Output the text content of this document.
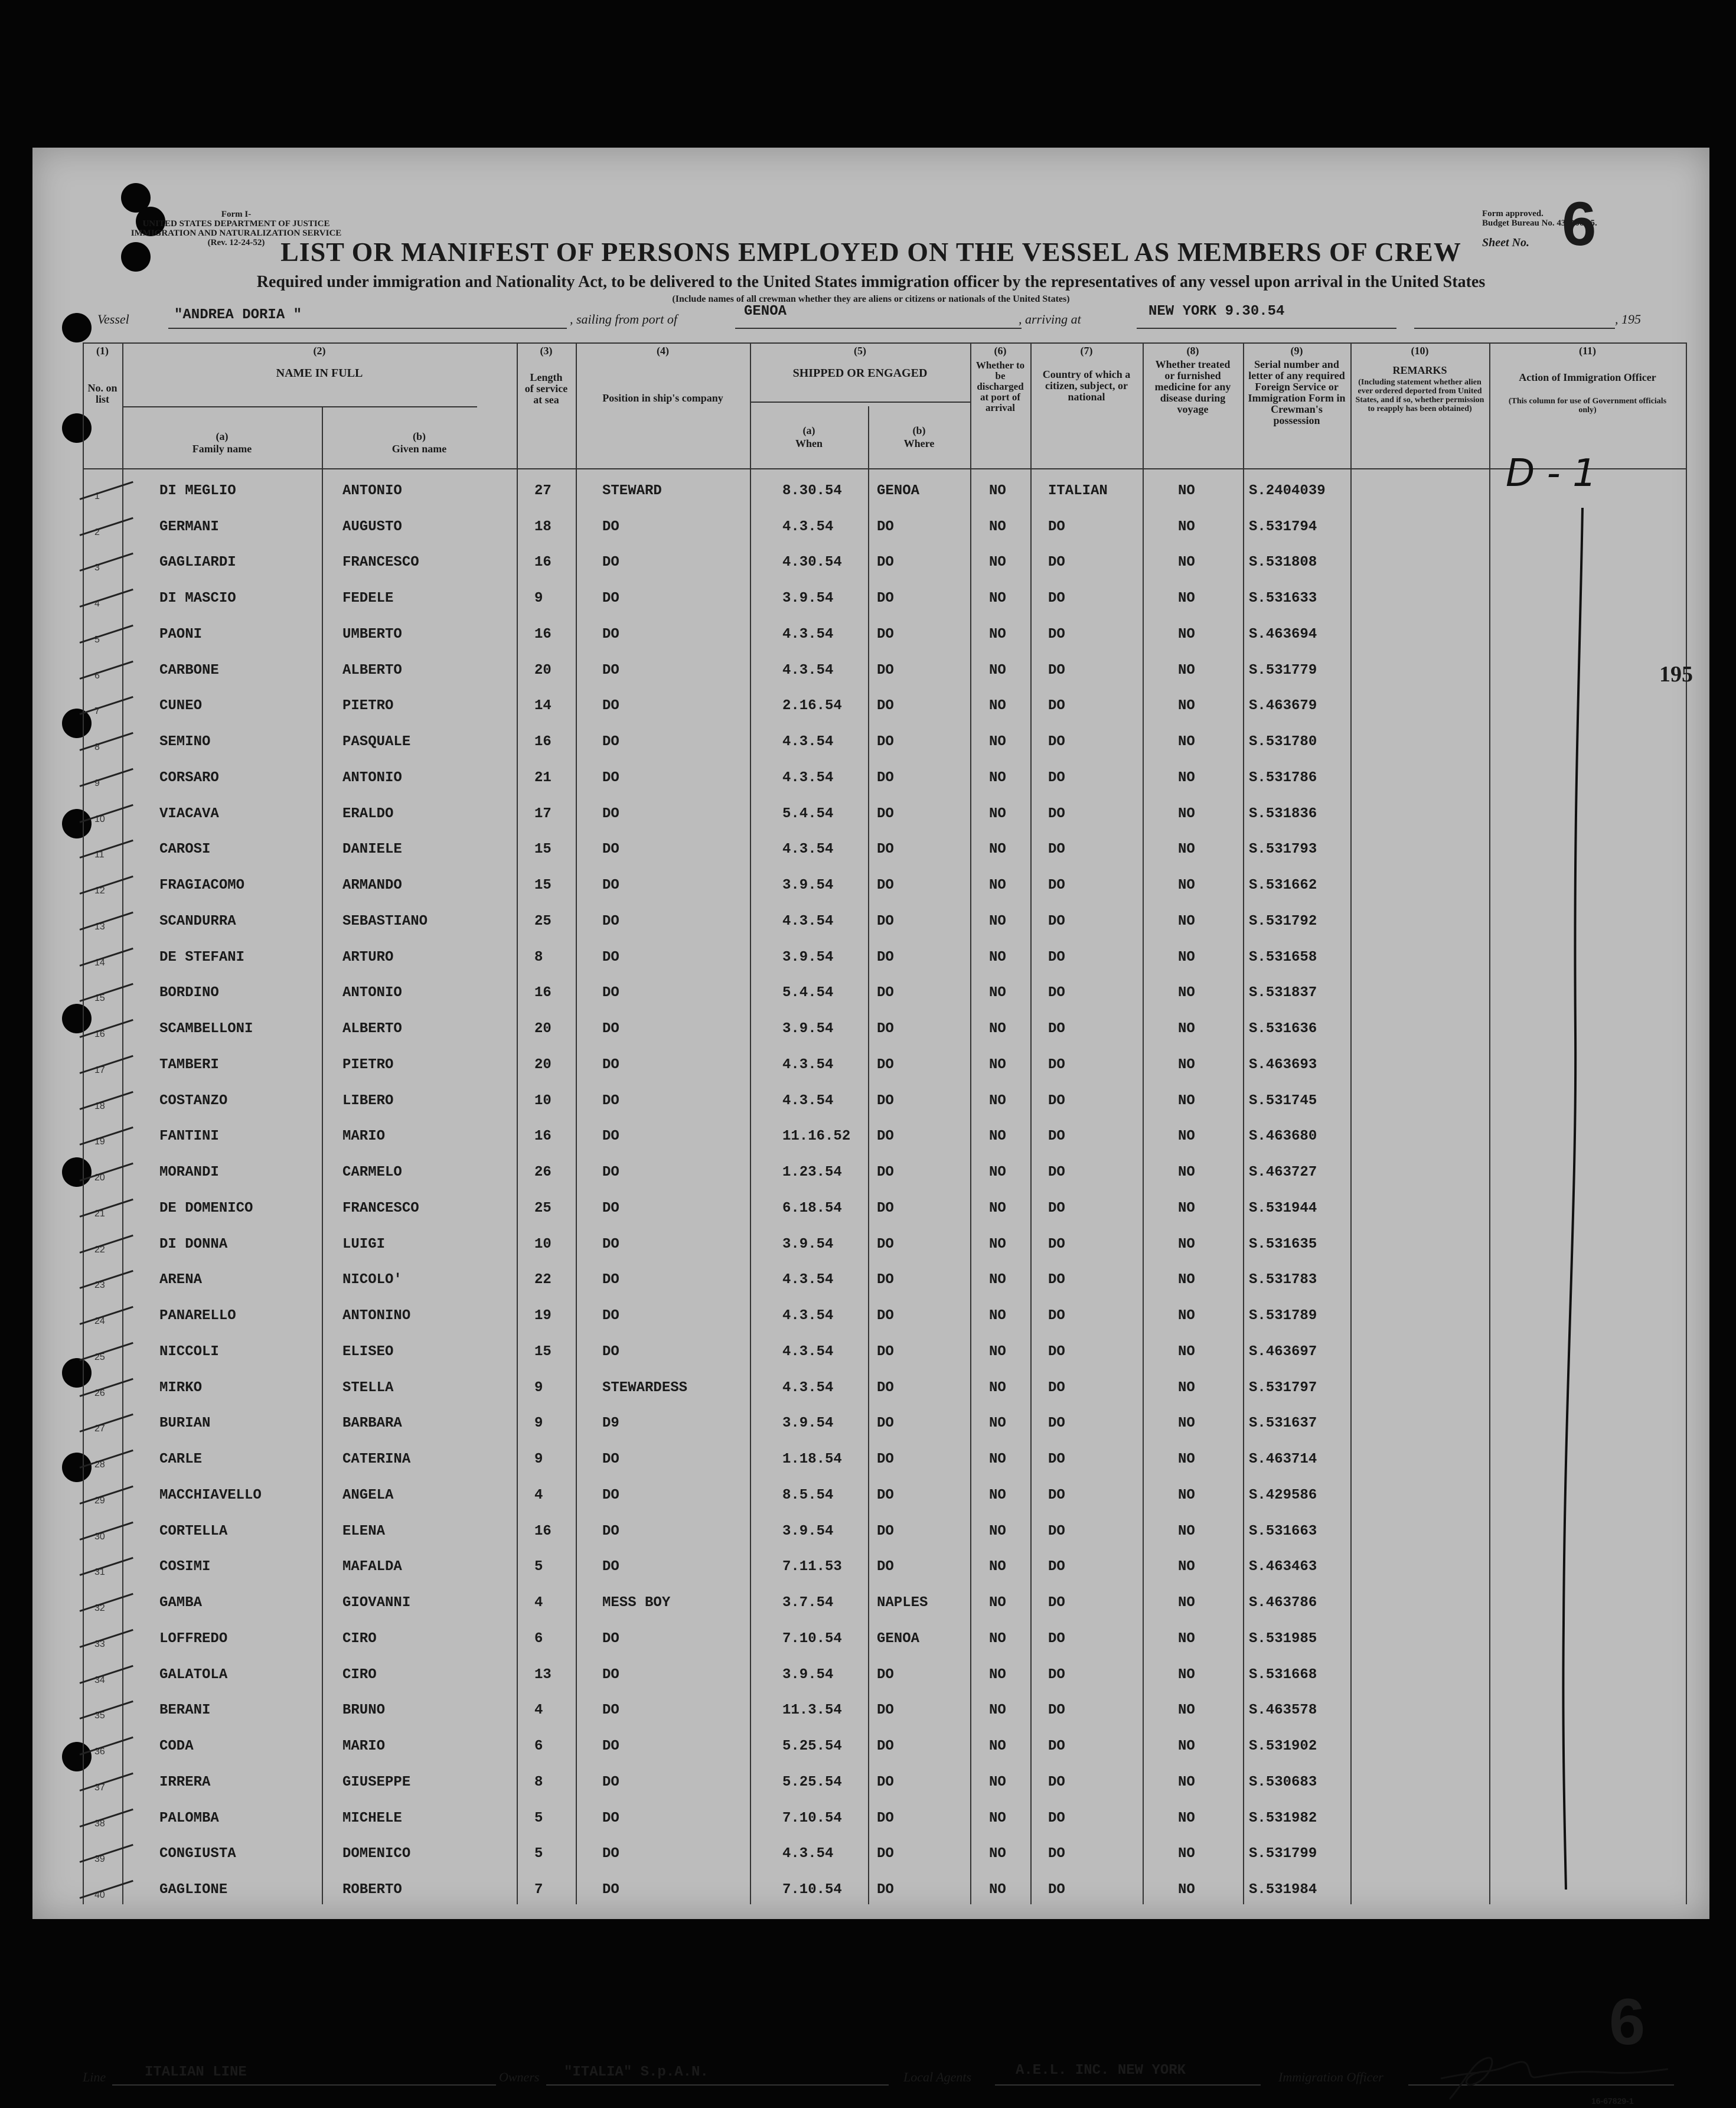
Form I-
UNITED STATES DEPARTMENT OF JUSTICE
IMMIGRATION AND NATURALIZATION SERVICE
(Rev. 12-24-52)
Form approved.
Budget Bureau No. 43-R065.5.
Sheet No. 6
LIST OR MANIFEST OF PERSONS EMPLOYED ON THE VESSEL AS MEMBERS OF CREW
Required under immigration and Nationality Act, to be delivered to the United States immigration officer by the representatives of any vessel upon arrival in the United States
(Include names of all crewman whether they are aliens or citizens or nationals of the United States)
Vessel	"ANDREA DORIA "	, sailing from port of	GENOA	, arriving at	NEW YORK 9.30.54	, 195
(1)
No. on list
(2)
NAME IN FULL
(a)
Family name
(b)
Given name
(3)
Length of service at sea
(4)
Position in ship's company
(5)
SHIPPED OR ENGAGED
(a)
When
(b)
Where
(6)
Whether to be discharged at port of arrival
(7)
Country of which a citizen, subject, or national
(8)
Whether treated or furnished medicine for any disease during voyage
(9)
Serial number and letter of any required Foreign Service or Immigration Form in Crewman's possession
(10)
REMARKS
(Including statement whether alien ever ordered deported from United States, and if so, whether permission to reapply has been obtained)
(11)
Action of Immigration Officer
(This column for use of Government officials only)
1	DI MEGLIO	ANTONIO	27	STEWARD	8.30.54 GENOA	NO	ITALIAN	NO	S.2404039
2	GERMANI	AUGUSTO	18	DO	4.3.54	DO	NO	DO	NO	S.531794
3	GAGLIARDI	FRANCESCO	16	DO	4.30.54 DO	NO	DO	NO	S.531808
4	DI MASCIO	FEDELE	9	DO	3.9.54	DO	NO	DO	NO	S.531633
5	PAONI	UMBERTO	16	DO	4.3.54	DO	NO	DO	NO	S.463694
6	CARBONE	ALBERTO	20	DO	4.3.54	DO	NO	DO	NO	S.531779
7	CUNEO	PIETRO	14	DO	2.16.54 DO	NO	DO	NO	S.463679
8	SEMINO	PASQUALE	16	DO	4.3.54	DO	NO	DO	NO	S.531780
9	CORSARO	ANTONIO	21	DO	4.3.54	DO	NO	DO	NO	S.531786
10	VIACAVA	ERALDO	17	DO	5.4.54	DO	NO	DO	NO	S.531836
11	CAROSI	DANIELE	15	DO	4.3.54	DO	NO	DO	NO	S.531793
12	FRAGIACOMO	ARMANDO	15	DO	3.9.54	DO	NO	DO	NO	S.531662
13	SCANDURRA	SEBASTIANO	25	DO	4.3.54	DO	NO	DO	NO	S.531792
14	DE STEFANI	ARTURO	8	DO	3.9.54	DO	NO	DO	NO	S.531658
15	BORDINO	ANTONIO	16	DO	5.4.54	DO	NO	DO	NO	S.531837
16	SCAMBELLONI	ALBERTO	20	DO	3.9.54	DO	NO	DO	NO	S.531636
17	TAMBERI	PIETRO	20	DO	4.3.54	DO	NO	DO	NO	S.463693
18	COSTANZO	LIBERO	10	DO	4.3.54	DO	NO	DO	NO	S.531745
19	FANTINI	MARIO	16	DO	11.16.52 DO	NO	DO	NO	S.463680
20	MORANDI	CARMELO	26	DO	1.23.54 DO	NO	DO	NO	S.463727
21	DE DOMENICO	FRANCESCO	25	DO	6.18.54 DO	NO	DO	NO	S.531944
22	DI DONNA	LUIGI	10	DO	3.9.54	DO	NO	DO	NO	S.531635
23	ARENA	NICOLO'	22	DO	4.3.54	DO	NO	DO	NO	S.531783
24	PANARELLO	ANTONINO	19	DO	4.3.54	DO	NO	DO	NO	S.531789
25	NICCOLI	ELISEO	15	DO	4.3.54	DO	NO	DO	NO	S.463697
26	MIRKO	STELLA	9	STEWARDESS	4.3.54	DO	NO	DO	NO	S.531797
27	BURIAN	BARBARA	9	D9	3.9.54	DO	NO	DO	NO	S.531637
28	CARLE	CATERINA	9	DO	1.18.54 DO	NO	DO	NO	S.463714
29	MACCHIAVELLO	ANGELA	4	DO	8.5.54	DO	NO	DO	NO	S.429586
30	CORTELLA	ELENA	16	DO	3.9.54	DO	NO	DO	NO	S.531663
31	COSIMI	MAFALDA	5	DO	7.11.53 DO	NO	DO	NO	S.463463
32	GAMBA	GIOVANNI	4	MESS BOY	3.7.54	NAPLES	NO	DO	NO	S.463786
33	LOFFREDO	CIRO	6	DO	7.10.54 GENOA	NO	DO	NO	S.531985
34	GALATOLA	CIRO	13	DO	3.9.54	DO	NO	DO	NO	S.531668
35	BERANI	BRUNO	4	DO	11.3.54 DO	NO	DO	NO	S.463578
36	CODA	MARIO	6	DO	5.25.54 DO	NO	DO	NO	S.531902
37	IRRERA	GIUSEPPE	8	DO	5.25.54 DO	NO	DO	NO	S.530683
38	PALOMBA	MICHELE	5	DO	7.10.54 DO	NO	DO	NO	S.531982
39	CONGIUSTA	DOMENICO	5	DO	4.3.54	DO	NO	DO	NO	S.531799
40	GAGLIONE	ROBERTO	7	DO	7.10.54 DO	NO	DO	NO	S.531984
D - 1
195
6
Line	ITALIAN LINE	Owners "ITALIA" S.p.A.N.	Local Agents	A.E.L. INC. NEW YORK	Immigration Officer
16-67829-1
